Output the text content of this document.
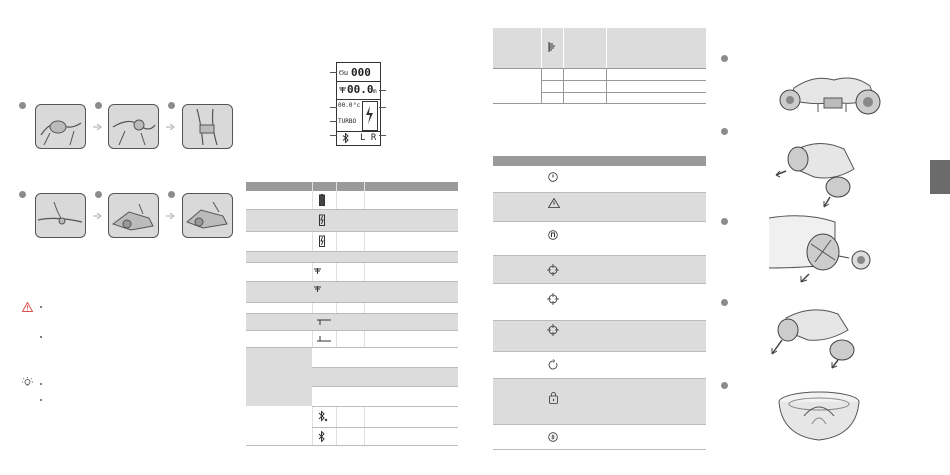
Ϭu 000
00.0 m
00.0 °c
TURBO
L R
